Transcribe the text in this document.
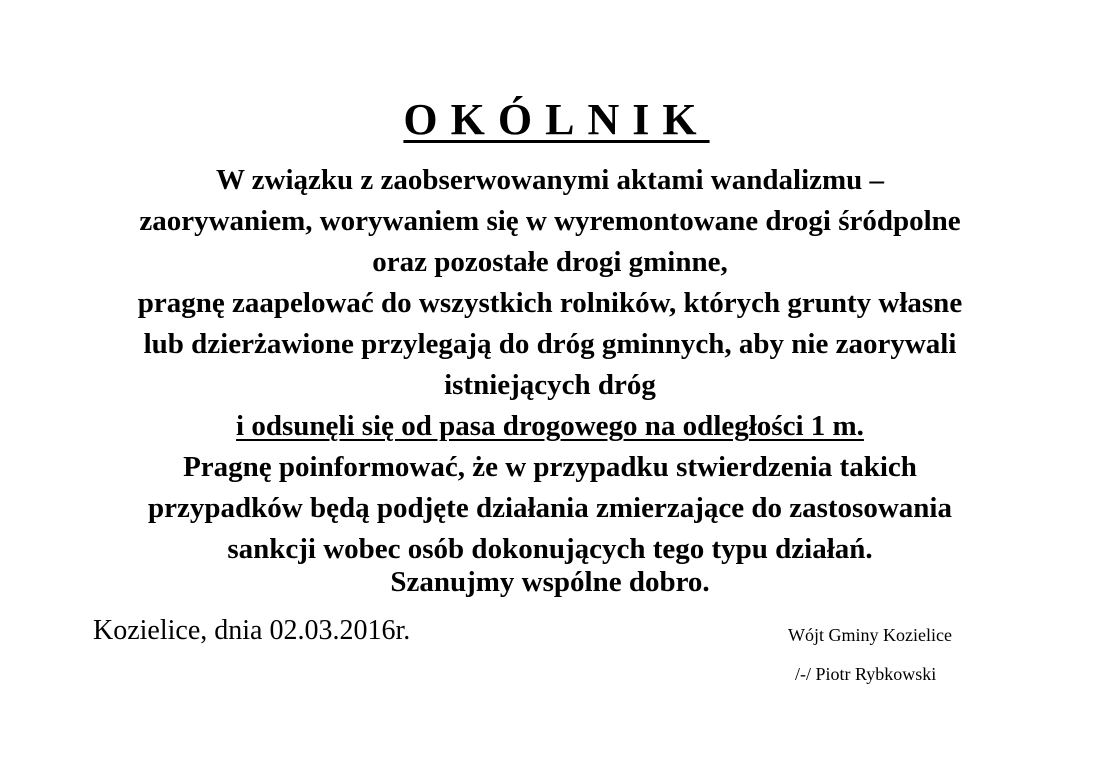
OKÓLNIK
W związku z zaobserwowanymi aktami wandalizmu –
zaorywaniem, worywaniem się w wyremontowane drogi śródpolne
oraz pozostałe drogi gminne,
pragnę zaapelować do wszystkich rolników, których grunty własne
lub dzierżawione przylegają do dróg gminnych, aby nie zaorywali
istniejących dróg
i odsunęli się od pasa drogowego na odległości 1 m.
Pragnę poinformować, że w przypadku stwierdzenia takich
przypadków będą podjęte działania zmierzające do zastosowania
sankcji wobec osób dokonujących tego typu działań.
Szanujmy wspólne dobro.
Kozielice, dnia 02.03.2016r.	Wójt Gminy Kozielice
/-/ Piotr Rybkowski
